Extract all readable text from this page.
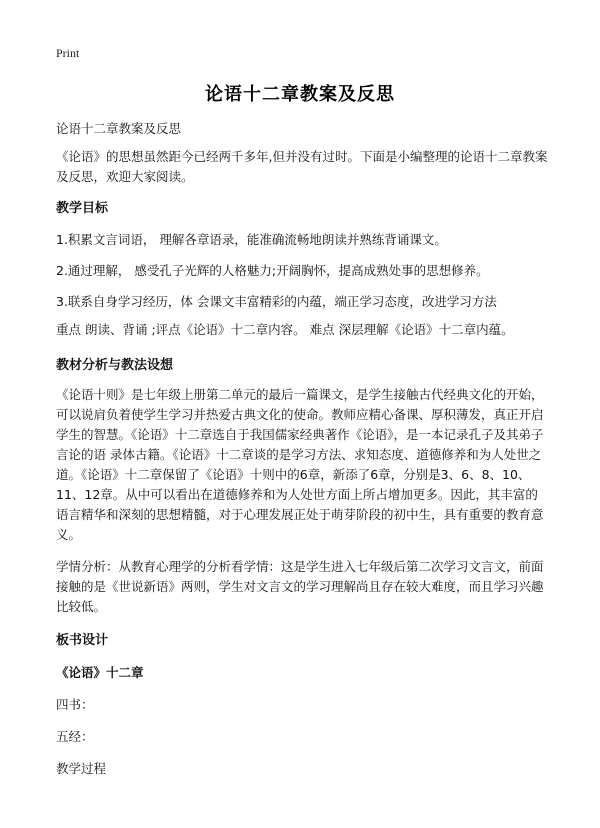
Print
论语十二章教案及反思

论语十二章教案及反思

《论语》的思想虽然距今已经两千多年,但并没有过时。下面是小编整理的论语十二章教案及反思，欢迎大家阅读。

教学目标

1.积累文言词语， 理解各章语录，能准确流畅地朗读并熟练背诵课文。

2.通过理解， 感受孔子光辉的人格魅力;开阔胸怀，提高成熟处事的思想修养。

3.联系自身学习经历，体 会课文丰富精彩的内蕴，端正学习态度，改进学习方法

重点 朗读、背诵 ;评点《论语》十二章内容。 难点 深层理解《论语》十二章内蕴。

教材分析与教法设想

《论语十则》是七年级上册第二单元的最后一篇课文，是学生接触古代经典文化的开始，可以说肩负着使学生学习并热爱古典文化的使命。教师应精心备课、厚积薄发，真正开启学生的智慧。《论语》十二章选自于我国儒家经典著作《论语》，是一本记录孔子及其弟子言论的语 录体古籍。《论语》十二章谈的是学习方法、求知态度、道德修养和为人处世之道。《论语》十二章保留了《论语》十则中的6章，新添了6章，分别是3、6、8、10、11、12章。从中可以看出在道德修养和为人处世方面上所占增加更多。因此，其丰富的语言精华和深刻的思想精髓，对于心理发展正处于萌芽阶段的初中生，具有重要的教育意义。

学情分析：从教育心理学的分析看学情：这是学生进入七年级后第二次学习文言文，前面接触的是《世说新语》两则，学生对文言文的学习理解尚且存在较大难度，而且学习兴趣比较低。

板书设计

《论语》十二章

四书：

五经：

教学过程
